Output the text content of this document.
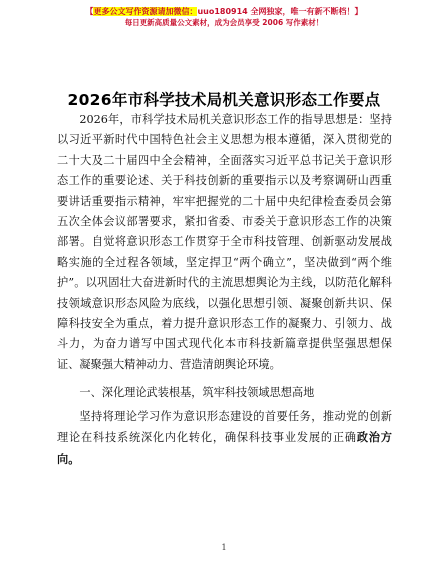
【更多公文写作资源请加微信：uuo180914 全网独家，唯一有新不断档！】
每日更新高质量公文素材，成为会员享受 2006 写作素材！
2026年市科学技术局机关意识形态工作要点
2026年，市科学技术局机关意识形态工作的指导思想是：坚持以习近平新时代中国特色社会主义思想为根本遵循，深入贯彻党的二十大及二十届四中全会精神，全面落实习近平总书记关于意识形态工作的重要论述、关于科技创新的重要指示以及考察调研山西重要讲话重要指示精神，牢牢把握党的二十届中央纪律检查委员会第五次全体会议部署要求，紧扣省委、市委关于意识形态工作的决策部署。自觉将意识形态工作贯穿于全市科技管理、创新驱动发展战略实施的全过程各领域，坚定捍卫“两个确立”，坚决做到“两个维护”。以巩固壮大奋进新时代的主流思想舆论为主线，以防范化解科技领域意识形态风险为底线，以强化思想引领、凝聚创新共识、保障科技安全为重点，着力提升意识形态工作的凝聚力、引领力、战斗力，为奋力谱写中国式现代化本市科技新篇章提供坚强思想保证、凝聚强大精神动力、营造清朗舆论环境。
一、深化理论武装根基，筑牢科技领域思想高地
坚持将理论学习作为意识形态建设的首要任务，推动党的创新理论在科技系统深化内化转化，确保科技事业发展的正确政治方向。
1
